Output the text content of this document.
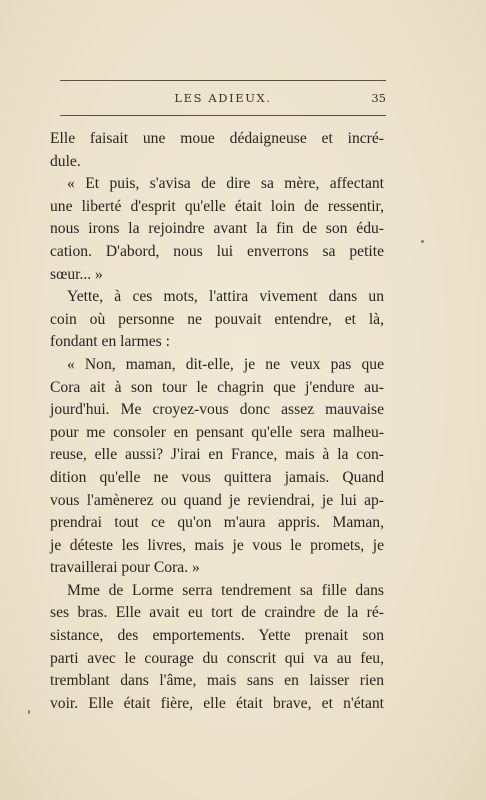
LES ADIEUX.	35
Elle faisait une moue dédaigneuse et incré-
dule.
« Et puis, s'avisa de dire sa mère, affectant
une liberté d'esprit qu'elle était loin de ressentir,
nous irons la rejoindre avant la fin de son édu-
cation. D'abord, nous lui enverrons sa petite
sœur... »
Yette, à ces mots, l'attira vivement dans un
coin où personne ne pouvait entendre, et là,
fondant en larmes :
« Non, maman, dit-elle, je ne veux pas que
Cora ait à son tour le chagrin que j'endure au-
jourd'hui. Me croyez-vous donc assez mauvaise
pour me consoler en pensant qu'elle sera malheu-
reuse, elle aussi? J'irai en France, mais à la con-
dition qu'elle ne vous quittera jamais. Quand
vous l'amènerez ou quand je reviendrai, je lui ap-
prendrai tout ce qu'on m'aura appris. Maman,
je déteste les livres, mais je vous le promets, je
travaillerai pour Cora. »
Mme de Lorme serra tendrement sa fille dans
ses bras. Elle avait eu tort de craindre de la ré-
sistance, des emportements. Yette prenait son
parti avec le courage du conscrit qui va au feu,
tremblant dans l'âme, mais sans en laisser rien
voir. Elle était fière, elle était brave, et n'étant
